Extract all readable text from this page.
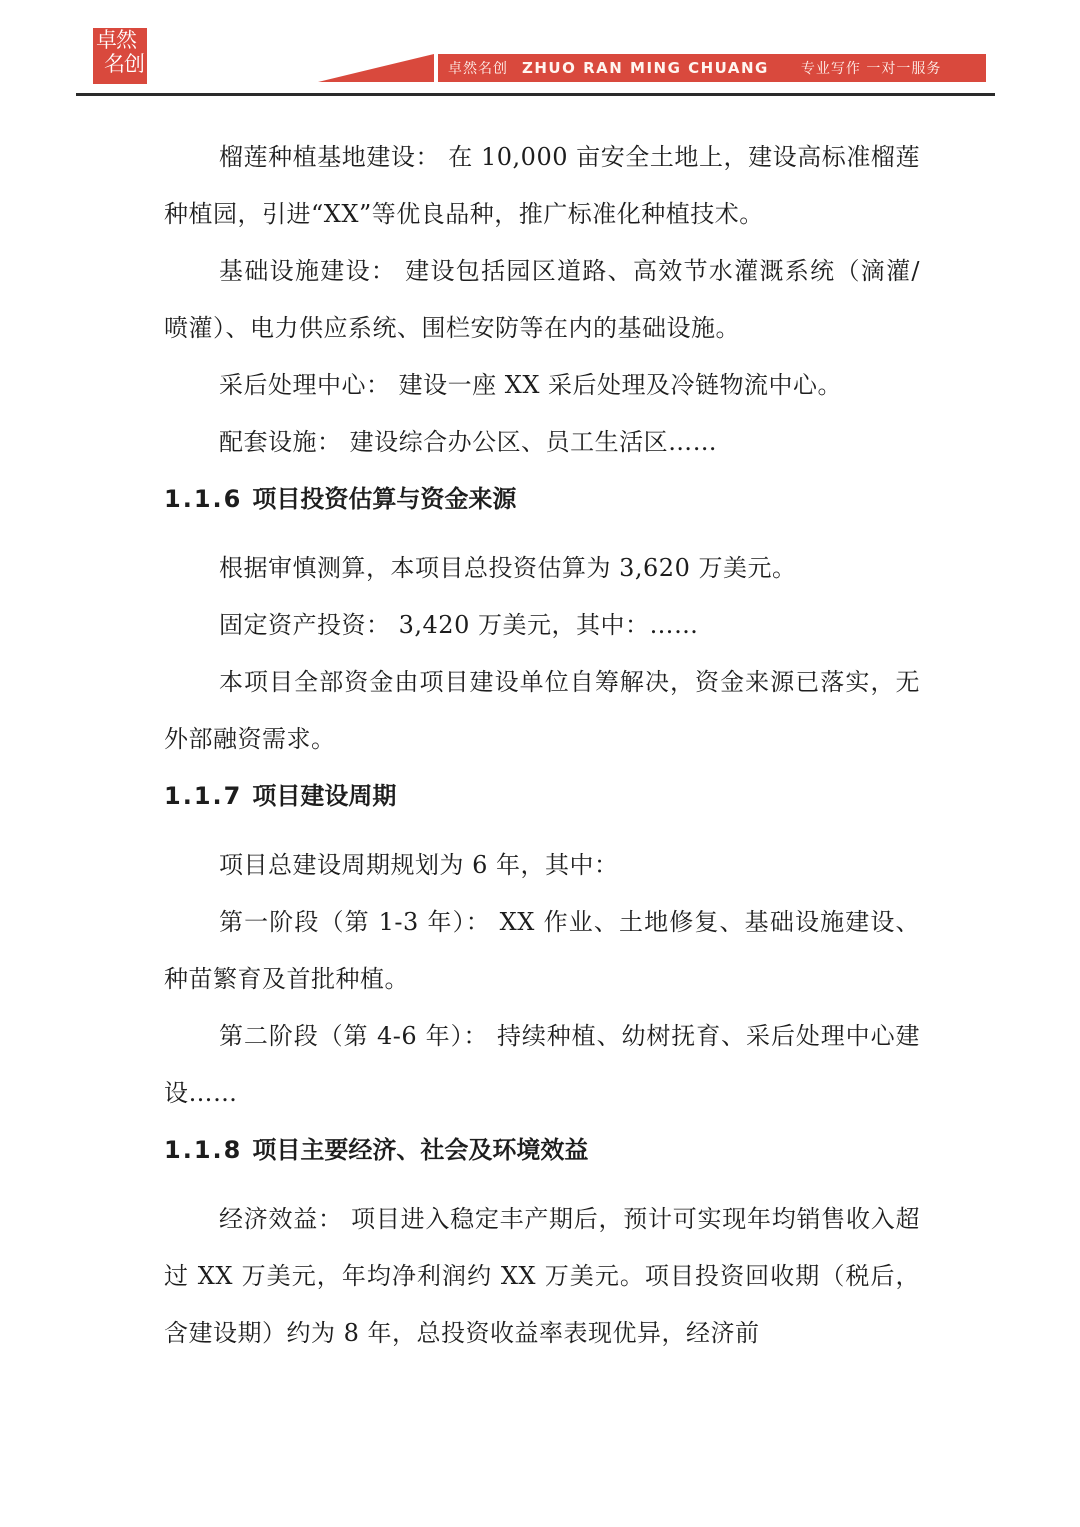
卓然
名创	卓然名创 ZHUO RAN MING CHUANG 专业写作 一对一服务

榴莲种植基地建设： 在 10,000 亩安全土地上，建设高标准榴莲种植园，引进“XX”等优良品种，推广标准化种植技术。

基础设施建设： 建设包括园区道路、高效节水灌溉系统（滴灌/喷灌）、电力供应系统、围栏安防等在内的基础设施。

采后处理中心： 建设一座 XX 采后处理及冷链物流中心。

配套设施： 建设综合办公区、员工生活区……

1.1.6 项目投资估算与资金来源

根据审慎测算，本项目总投资估算为 3,620 万美元。

固定资产投资： 3,420 万美元，其中：……

本项目全部资金由项目建设单位自筹解决，资金来源已落实，无外部融资需求。

1.1.7 项目建设周期

项目总建设周期规划为 6 年，其中：

第一阶段（第 1-3 年）： XX 作业、土地修复、基础设施建设、种苗繁育及首批种植。

第二阶段（第 4-6 年）： 持续种植、幼树抚育、采后处理中心建设……

1.1.8 项目主要经济、社会及环境效益

经济效益： 项目进入稳定丰产期后，预计可实现年均销售收入超过 XX 万美元，年均净利润约 XX 万美元。项目投资回收期（税后，含建设期）约为 8 年，总投资收益率表现优异，经济前
